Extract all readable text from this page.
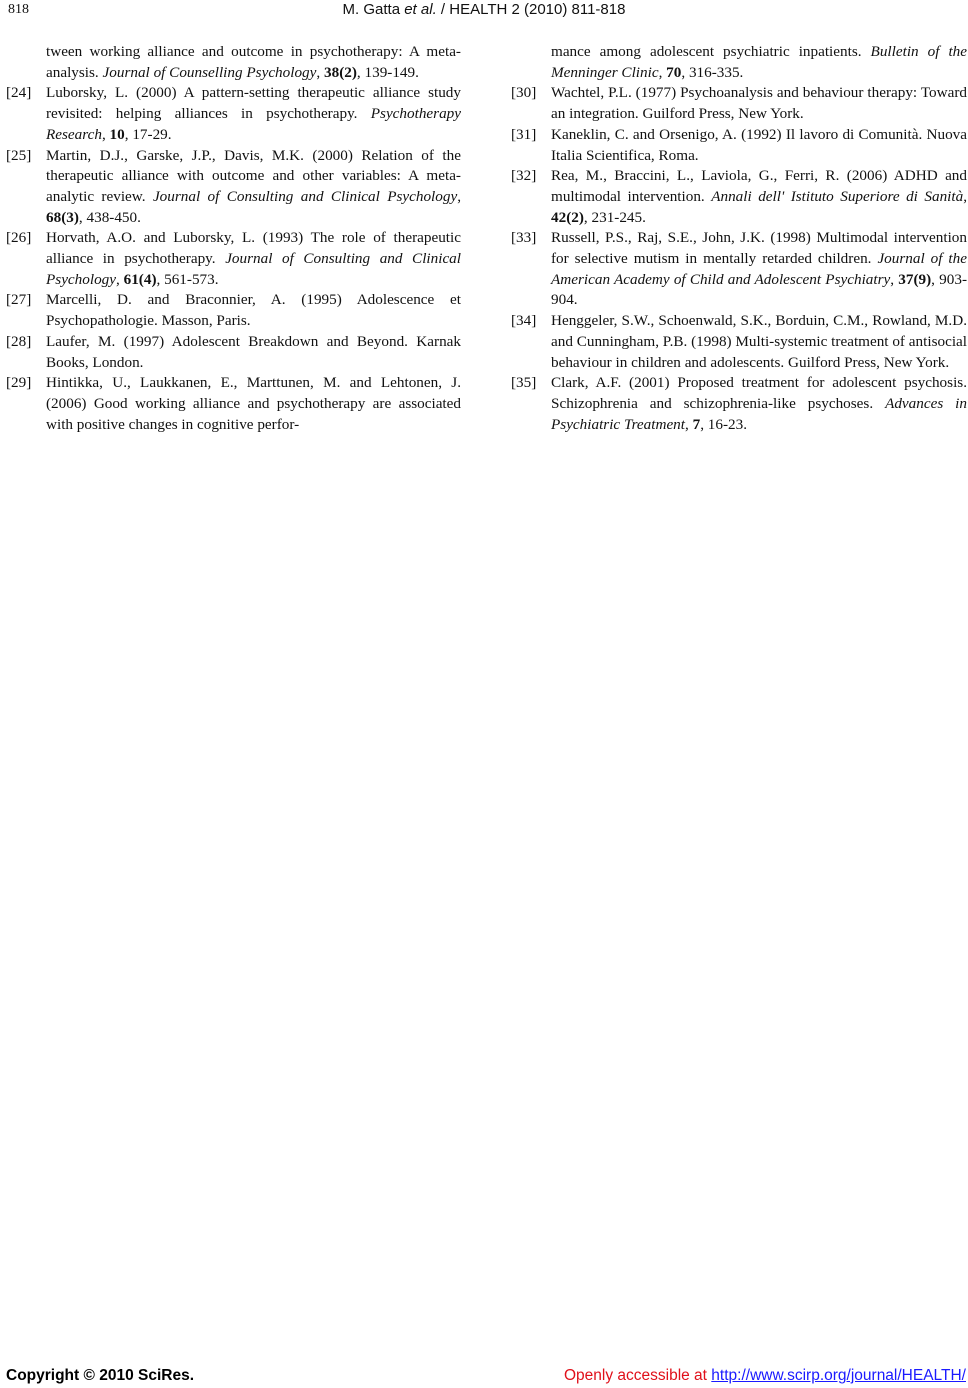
818	M. Gatta et al. / HEALTH 2 (2010) 811-818
tween working alliance and outcome in psychotherapy: A meta-analysis. Journal of Counselling Psychology, 38(2), 139-149.
[24] Luborsky, L. (2000) A pattern-setting therapeutic alliance study revisited: helping alliances in psychotherapy. Psychotherapy Research, 10, 17-29.
[25] Martin, D.J., Garske, J.P., Davis, M.K. (2000) Relation of the therapeutic alliance with outcome and other variables: A meta-analytic review. Journal of Consulting and Clinical Psychology, 68(3), 438-450.
[26] Horvath, A.O. and Luborsky, L. (1993) The role of therapeutic alliance in psychotherapy. Journal of Consulting and Clinical Psychology, 61(4), 561-573.
[27] Marcelli, D. and Braconnier, A. (1995) Adolescence et Psychopathologie. Masson, Paris.
[28] Laufer, M. (1997) Adolescent Breakdown and Beyond. Karnak Books, London.
[29] Hintikka, U., Laukkanen, E., Marttunen, M. and Lehtonen, J. (2006) Good working alliance and psychotherapy are associated with positive changes in cognitive perfor-
mance among adolescent psychiatric inpatients. Bulletin of the Menninger Clinic, 70, 316-335.
[30] Wachtel, P.L. (1977) Psychoanalysis and behaviour therapy: Toward an integration. Guilford Press, New York.
[31] Kaneklin, C. and Orsenigo, A. (1992) Il lavoro di Comunità. Nuova Italia Scientifica, Roma.
[32] Rea, M., Braccini, L., Laviola, G., Ferri, R. (2006) ADHD and multimodal intervention. Annali dell' Istituto Superiore di Sanità, 42(2), 231-245.
[33] Russell, P.S., Raj, S.E., John, J.K. (1998) Multimodal intervention for selective mutism in mentally retarded children. Journal of the American Academy of Child and Adolescent Psychiatry, 37(9), 903-904.
[34] Henggeler, S.W., Schoenwald, S.K., Borduin, C.M., Rowland, M.D. and Cunningham, P.B. (1998) Multi-systemic treatment of antisocial behaviour in children and adolescents. Guilford Press, New York.
[35] Clark, A.F. (2001) Proposed treatment for adolescent psychosis. Schizophrenia and schizophrenia-like psychoses. Advances in Psychiatric Treatment, 7, 16-23.
Copyright © 2010 SciRes.	Openly accessible at http://www.scirp.org/journal/HEALTH/
